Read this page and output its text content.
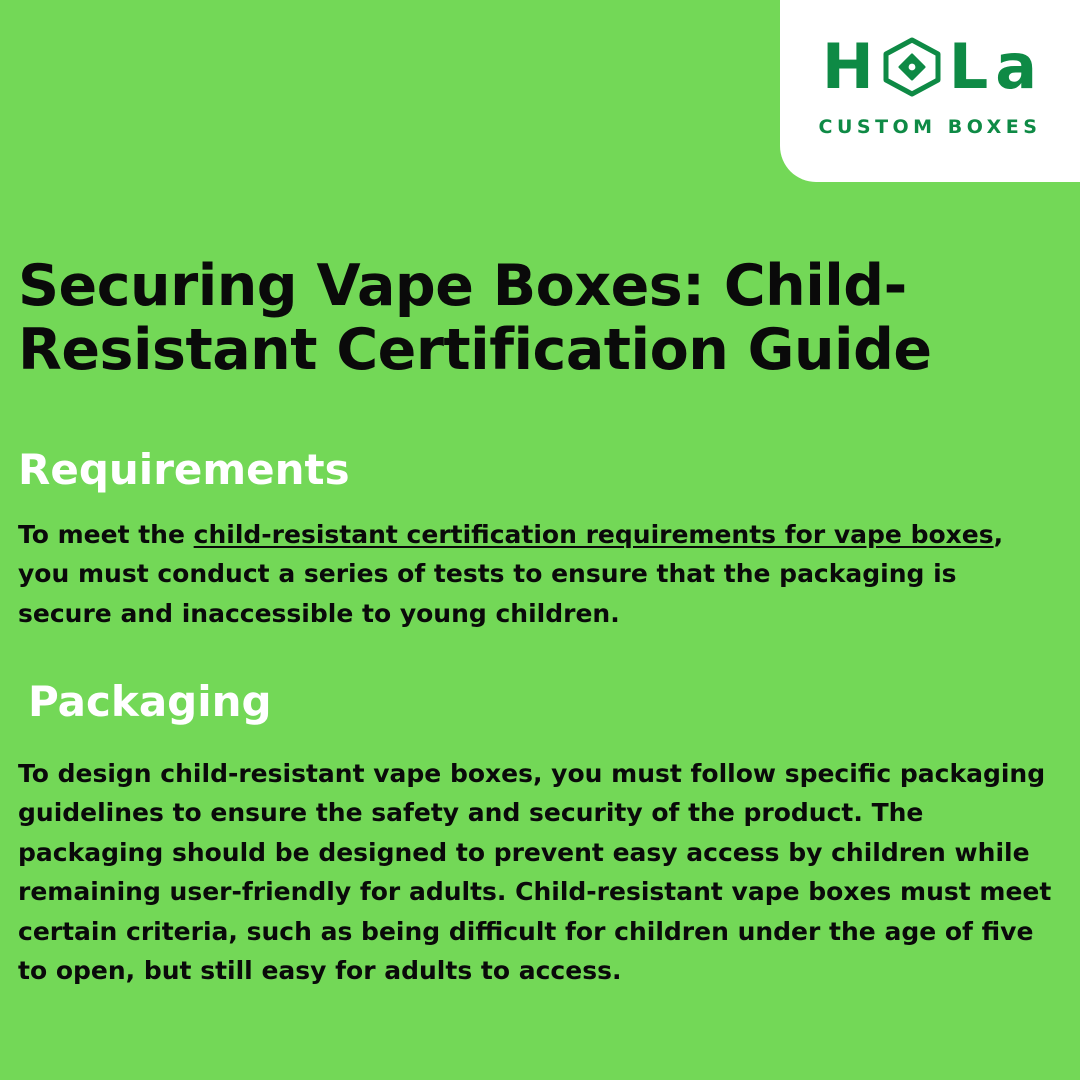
H L a
CUSTOM BOXES
Securing Vape Boxes: Child-Resistant Certification Guide
Requirements

To meet the child-resistant certification requirements for vape boxes, you must conduct a series of tests to ensure that the packaging is secure and inaccessible to young children.

Packaging

To design child-resistant vape boxes, you must follow specific packaging guidelines to ensure the safety and security of the product. The packaging should be designed to prevent easy access by children while remaining user-friendly for adults. Child-resistant vape boxes must meet certain criteria, such as being difficult for children under the age of five to open, but still easy for adults to access.
